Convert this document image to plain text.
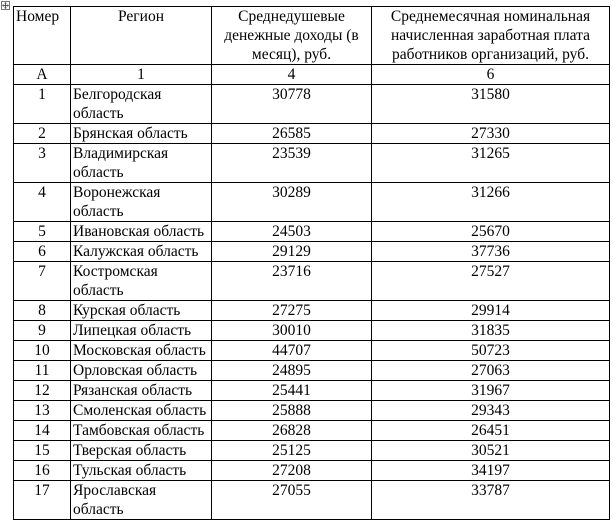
Номер	Регион	Среднедушевые денежные доходы (в месяц), руб.	Среднемесячная номинальная начисленная заработная плата работников организаций, руб.
А	1	4	6
1	Белгородская область	30778	31580
2	Брянская область	26585	27330
3	Владимирская область	23539	31265
4	Воронежская область	30289	31266
5	Ивановская область	24503	25670
6	Калужская область	29129	37736
7	Костромская область	23716	27527
8	Курская область	27275	29914
9	Липецкая область	30010	31835
10	Московская область	44707	50723
11	Орловская область	24895	27063
12	Рязанская область	25441	31967
13	Смоленская область	25888	29343
14	Тамбовская область	26828	26451
15	Тверская область	25125	30521
16	Тульская область	27208	34197
17	Ярославская область	27055	33787
